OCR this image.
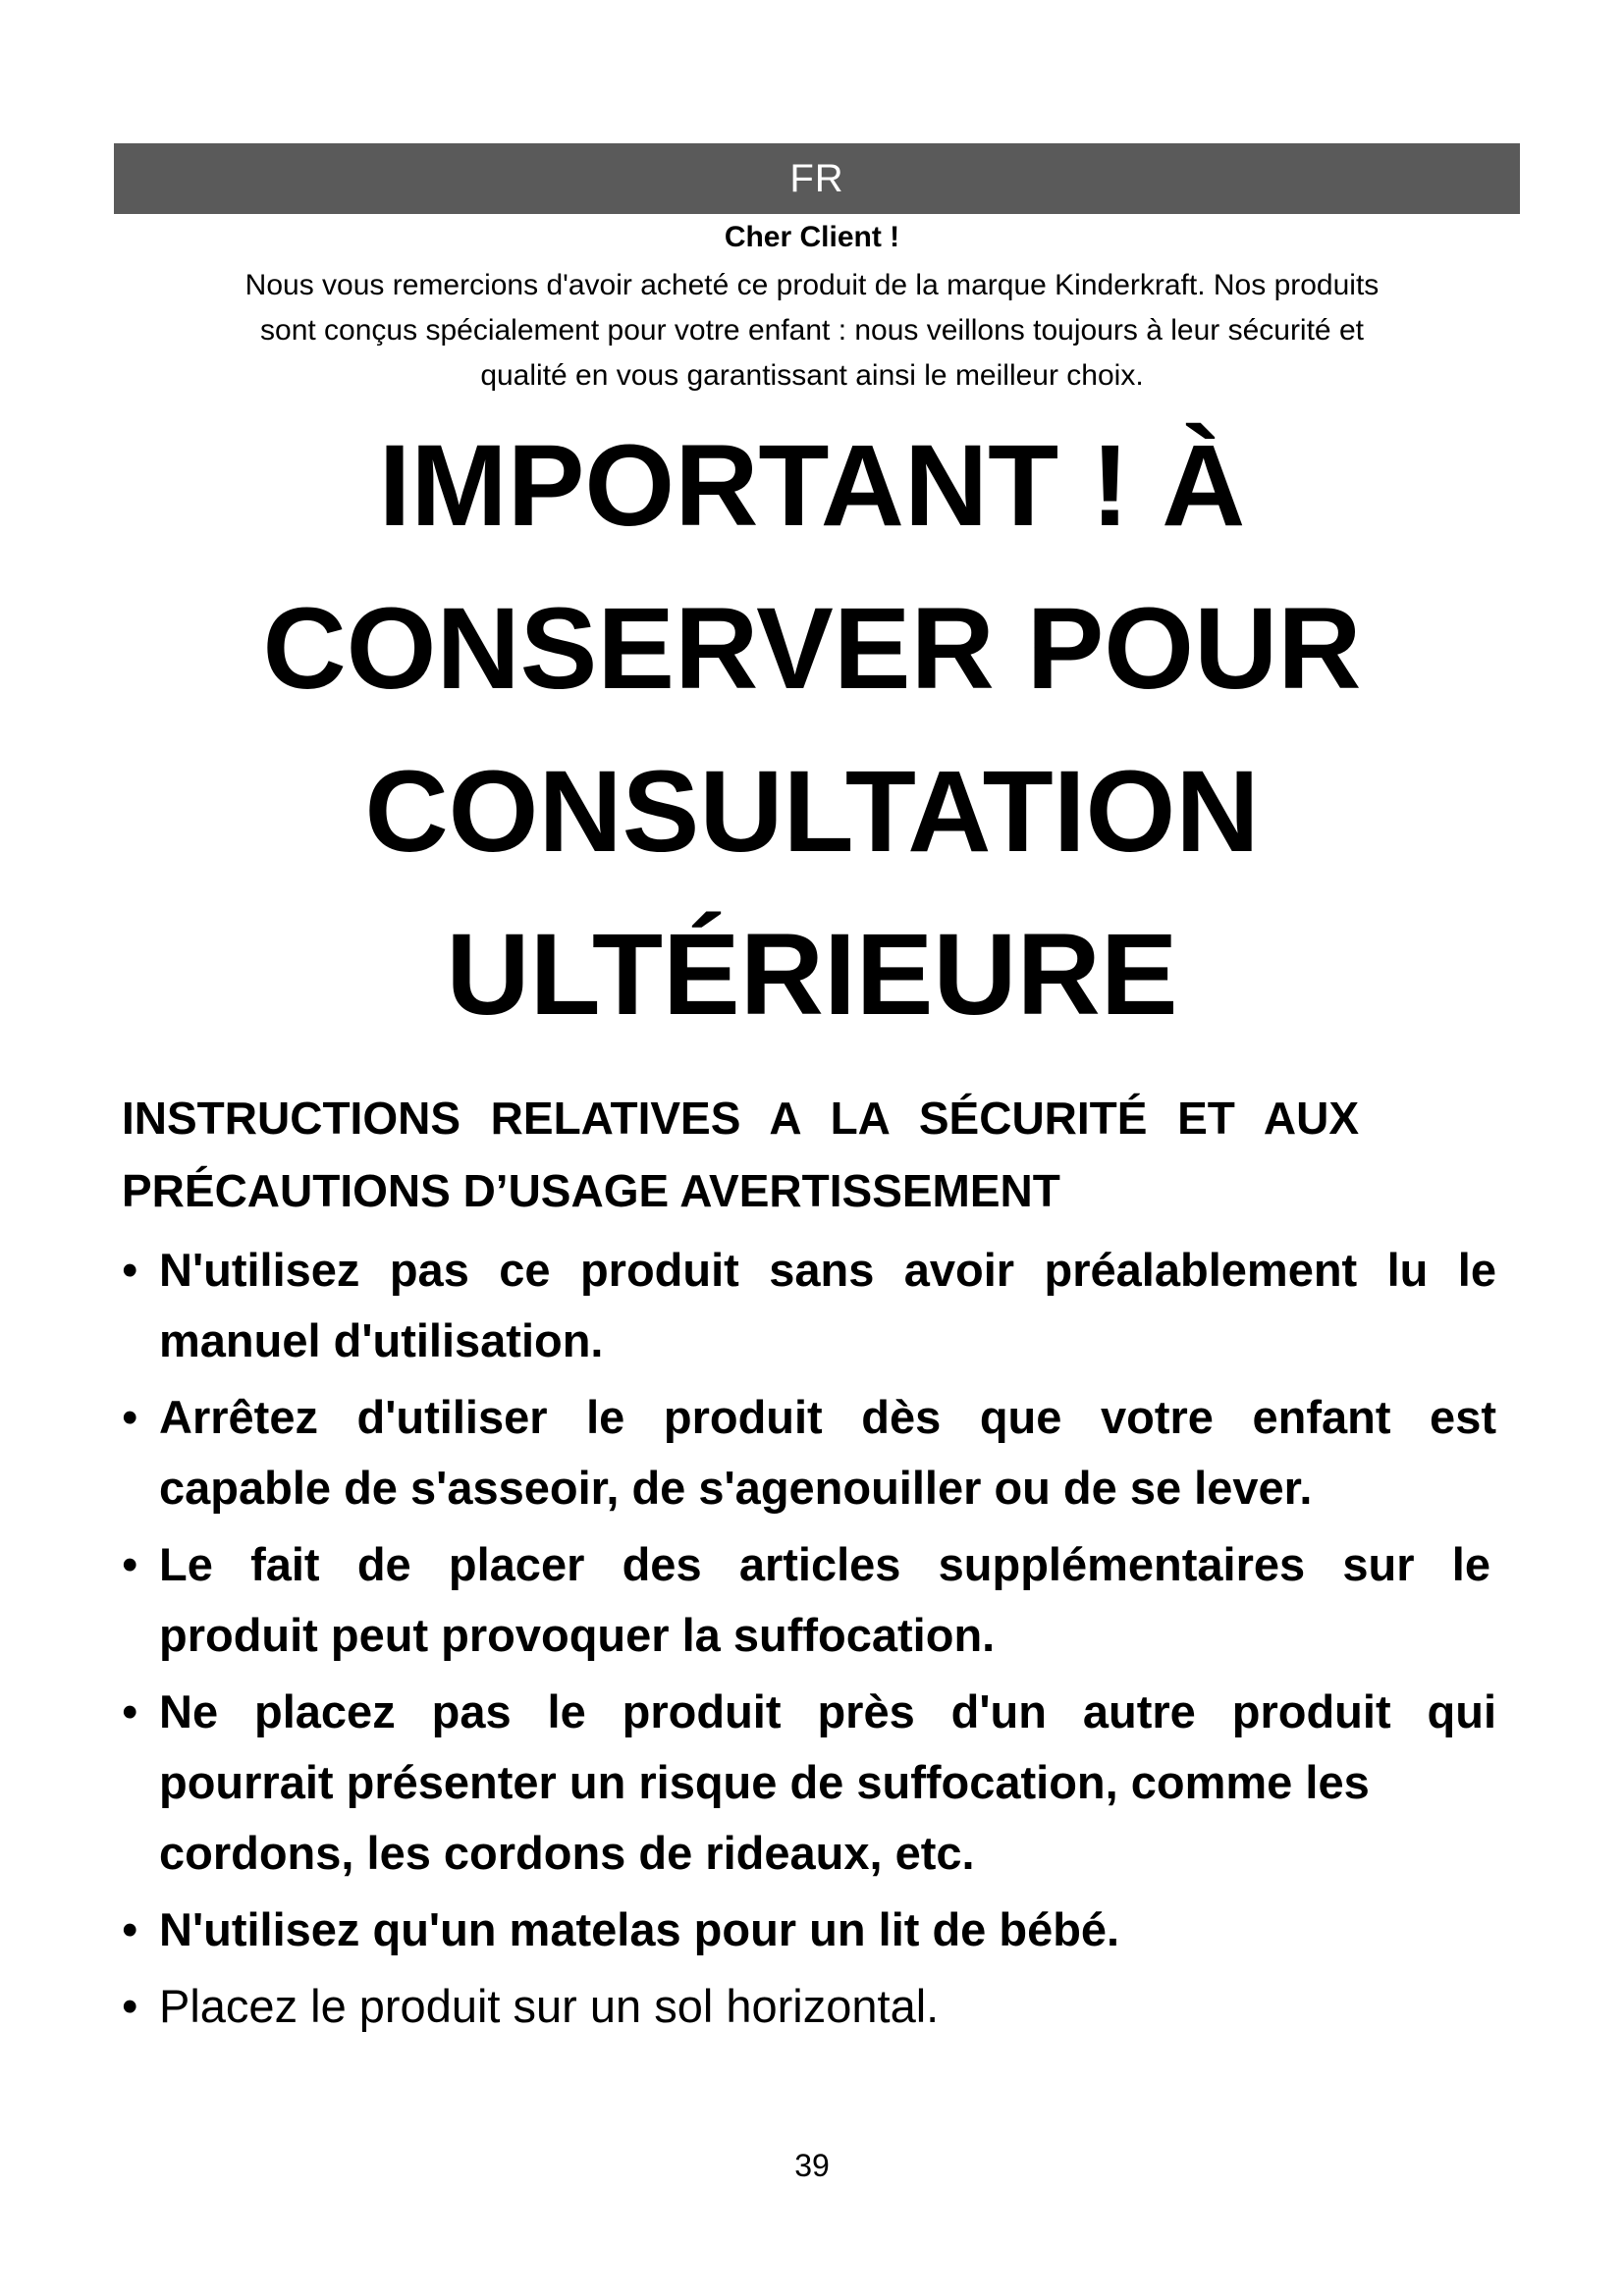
FR
Cher Client !
Nous vous remercions d'avoir acheté ce produit de la marque Kinderkraft. Nos produits
sont conçus spécialement pour votre enfant : nous veillons toujours à leur sécurité et
qualité en vous garantissant ainsi le meilleur choix.
IMPORTANT ! À
CONSERVER POUR
CONSULTATION
ULTÉRIEURE
INSTRUCTIONS RELATIVES A LA SÉCURITÉ ET AUX
PRÉCAUTIONS D’USAGE AVERTISSEMENT
• N'utilisez pas ce produit sans avoir préalablement lu le
manuel d'utilisation.
• Arrêtez d'utiliser le produit dès que votre enfant est
capable de s'asseoir, de s'agenouiller ou de se lever.
• Le fait de placer des articles supplémentaires sur le
produit peut provoquer la suffocation.
• Ne placez pas le produit près d'un autre produit qui
pourrait présenter un risque de suffocation, comme les
cordons, les cordons de rideaux, etc.
• N'utilisez qu'un matelas pour un lit de bébé.
• Placez le produit sur un sol horizontal.
39
